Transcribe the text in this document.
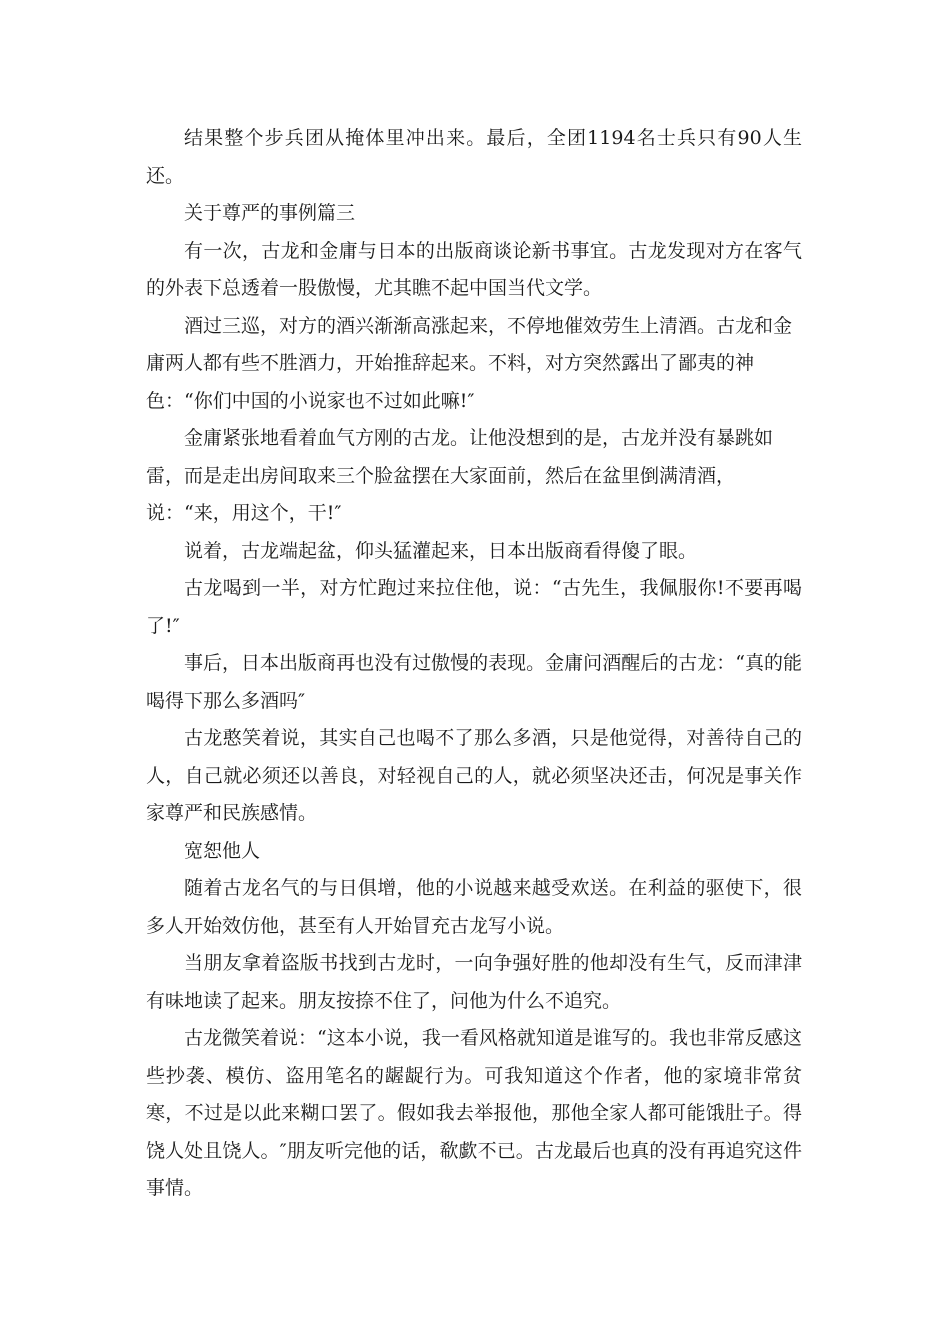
结果整个步兵团从掩体里冲出来。最后，全团1194名士兵只有90人生还。

关于尊严的事例篇三

有一次，古龙和金庸与日本的出版商谈论新书事宜。古龙发现对方在客气的外表下总透着一股傲慢，尤其瞧不起中国当代文学。

酒过三巡，对方的酒兴渐渐高涨起来，不停地催效劳生上清酒。古龙和金庸两人都有些不胜酒力，开始推辞起来。不料，对方突然露出了鄙夷的神色：“你们中国的小说家也不过如此嘛!″

金庸紧张地看着血气方刚的古龙。让他没想到的是，古龙并没有暴跳如雷，而是走出房间取来三个脸盆摆在大家面前，然后在盆里倒满清酒，说：“来，用这个，干!″

说着，古龙端起盆，仰头猛灌起来，日本出版商看得傻了眼。

古龙喝到一半，对方忙跑过来拉住他，说：“古先生，我佩服你!不要再喝了!″

事后，日本出版商再也没有过傲慢的表现。金庸问酒醒后的古龙：“真的能喝得下那么多酒吗″

古龙憨笑着说，其实自己也喝不了那么多酒，只是他觉得，对善待自己的人，自己就必须还以善良，对轻视自己的人，就必须坚决还击，何况是事关作家尊严和民族感情。

宽恕他人

随着古龙名气的与日俱增，他的小说越来越受欢送。在利益的驱使下，很多人开始效仿他，甚至有人开始冒充古龙写小说。

当朋友拿着盗版书找到古龙时，一向争强好胜的他却没有生气，反而津津有味地读了起来。朋友按捺不住了，问他为什么不追究。

古龙微笑着说：“这本小说，我一看风格就知道是谁写的。我也非常反感这些抄袭、模仿、盗用笔名的龌龊行为。可我知道这个作者，他的家境非常贫寒，不过是以此来糊口罢了。假如我去举报他，那他全家人都可能饿肚子。得饶人处且饶人。″朋友听完他的话，欷歔不已。古龙最后也真的没有再追究这件事情。
